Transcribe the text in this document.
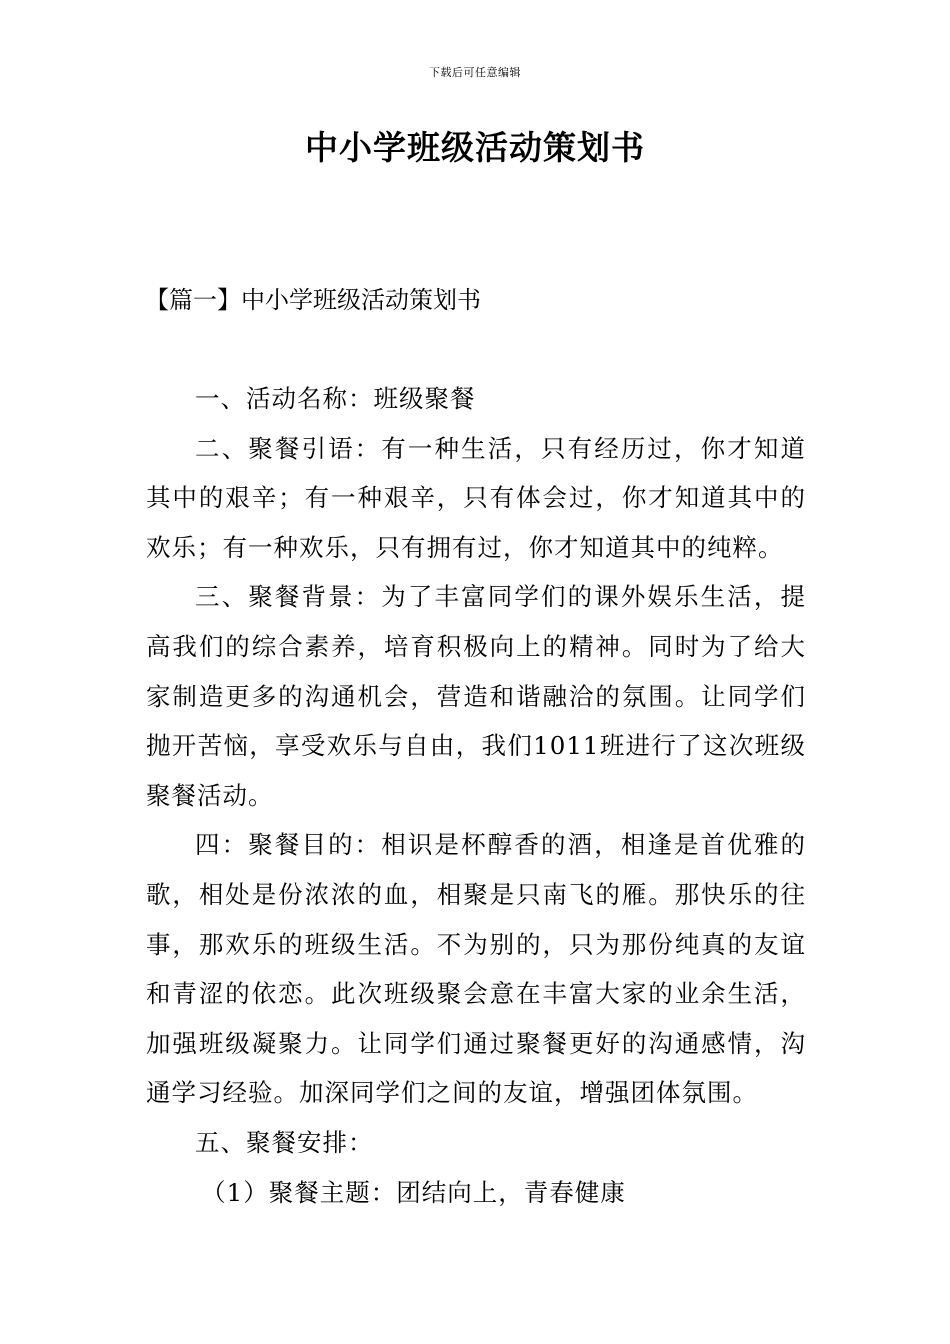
下载后可任意编辑
中小学班级活动策划书
【篇一】中小学班级活动策划书

一、活动名称：班级聚餐

二、聚餐引语：有一种生活，只有经历过，你才知道其中的艰辛；有一种艰辛，只有体会过，你才知道其中的欢乐；有一种欢乐，只有拥有过，你才知道其中的纯粹。

三、聚餐背景：为了丰富同学们的课外娱乐生活，提高我们的综合素养，培育积极向上的精神。同时为了给大家制造更多的沟通机会，营造和谐融洽的氛围。让同学们抛开苦恼，享受欢乐与自由，我们1011班进行了这次班级聚餐活动。

四：聚餐目的：相识是杯醇香的酒，相逢是首优雅的歌，相处是份浓浓的血，相聚是只南飞的雁。那快乐的往事，那欢乐的班级生活。不为别的，只为那份纯真的友谊和青涩的依恋。此次班级聚会意在丰富大家的业余生活，加强班级凝聚力。让同学们通过聚餐更好的沟通感情，沟通学习经验。加深同学们之间的友谊，增强团体氛围。

五、聚餐安排：

（1）聚餐主题：团结向上，青春健康
